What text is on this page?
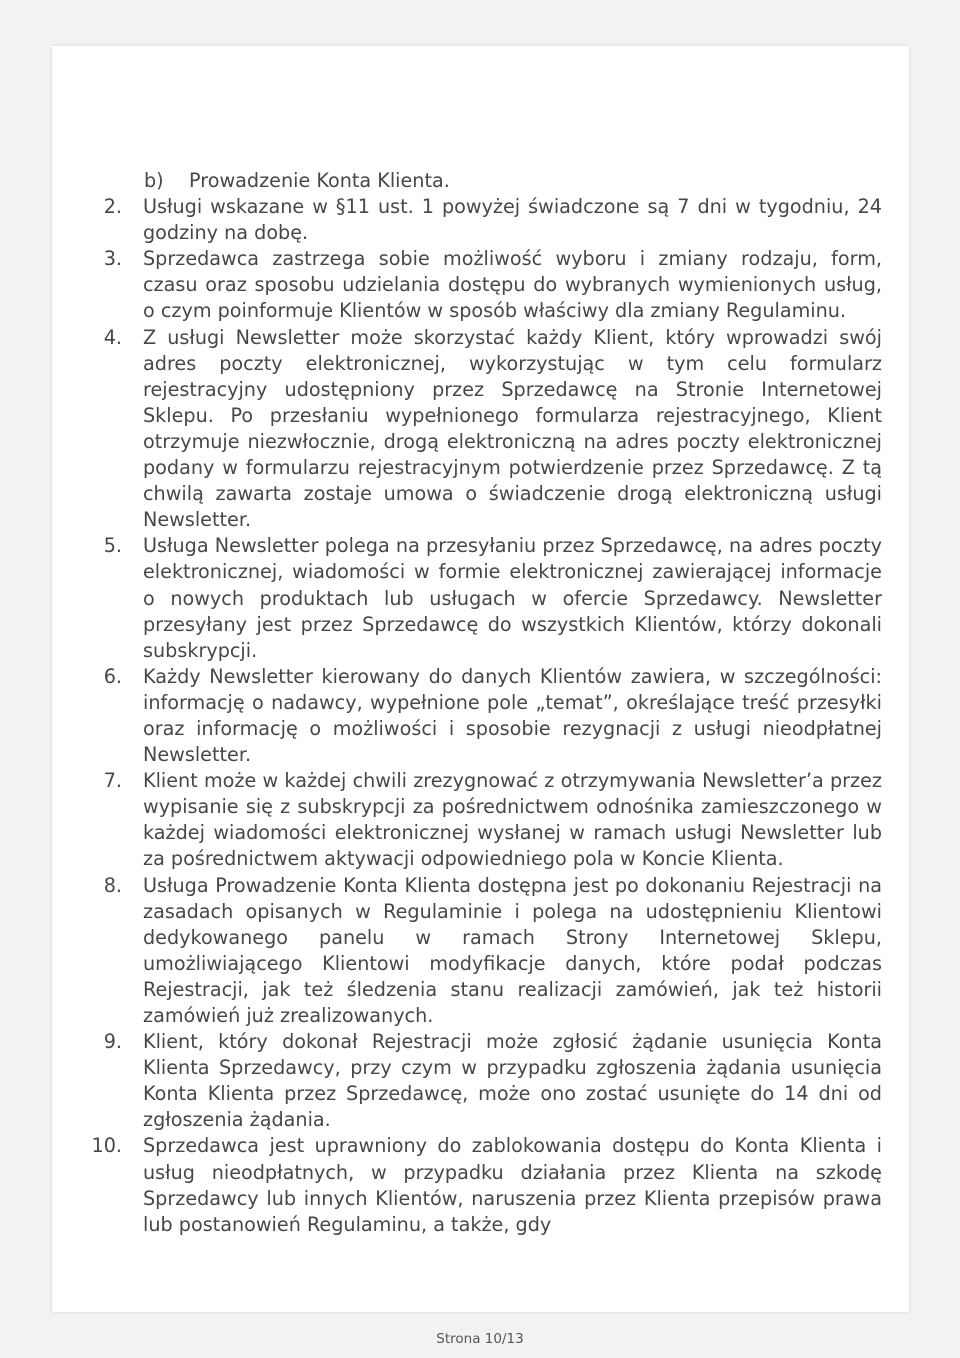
b)	Prowadzenie Konta Klienta.
2. Usługi wskazane w §11 ust. 1 powyżej świadczone są 7 dni w tygodniu, 24 godziny na dobę.
3. Sprzedawca zastrzega sobie możliwość wyboru i zmiany rodzaju, form, czasu oraz sposobu udzielania dostępu do wybranych wymienionych usług, o czym poinformuje Klientów w sposób właściwy dla zmiany Regulaminu.
4. Z usługi Newsletter może skorzystać każdy Klient, który wprowadzi swój adres poczty elektronicznej, wykorzystując w tym celu formularz rejestracyjny udostępniony przez Sprzedawcę na Stronie Internetowej Sklepu. Po przesłaniu wypełnionego formularza rejestracyjnego, Klient otrzymuje niezwłocznie, drogą elektroniczną na adres poczty elektronicznej podany w formularzu rejestracyjnym potwierdzenie przez Sprzedawcę. Z tą chwilą zawarta zostaje umowa o świadczenie drogą elektroniczną usługi Newsletter.
5. Usługa Newsletter polega na przesyłaniu przez Sprzedawcę, na adres poczty elektronicznej, wiadomości w formie elektronicznej zawierającej informacje o nowych produktach lub usługach w ofercie Sprzedawcy. Newsletter przesyłany jest przez Sprzedawcę do wszystkich Klientów, którzy dokonali subskrypcji.
6. Każdy Newsletter kierowany do danych Klientów zawiera, w szczególności: informację o nadawcy, wypełnione pole „temat”, określające treść przesyłki oraz informację o możliwości i sposobie rezygnacji z usługi nieodpłatnej Newsletter.
7. Klient może w każdej chwili zrezygnować z otrzymywania Newsletter’a przez wypisanie się z subskrypcji za pośrednictwem odnośnika zamieszczonego w każdej wiadomości elektronicznej wysłanej w ramach usługi Newsletter lub za pośrednictwem aktywacji odpowiedniego pola w Koncie Klienta.
8. Usługa Prowadzenie Konta Klienta dostępna jest po dokonaniu Rejestracji na zasadach opisanych w Regulaminie i polega na udostępnieniu Klientowi dedykowanego panelu w ramach Strony Internetowej Sklepu, umożliwiającego Klientowi modyfikacje danych, które podał podczas Rejestracji, jak też śledzenia stanu realizacji zamówień, jak też historii zamówień już zrealizowanych.
9. Klient, który dokonał Rejestracji może zgłosić żądanie usunięcia Konta Klienta Sprzedawcy, przy czym w przypadku zgłoszenia żądania usunięcia Konta Klienta przez Sprzedawcę, może ono zostać usunięte do 14 dni od zgłoszenia żądania.
10. Sprzedawca jest uprawniony do zablokowania dostępu do Konta Klienta i usług nieodpłatnych, w przypadku działania przez Klienta na szkodę Sprzedawcy lub innych Klientów, naruszenia przez Klienta przepisów prawa lub postanowień Regulaminu, a także, gdy
Strona 10/13
